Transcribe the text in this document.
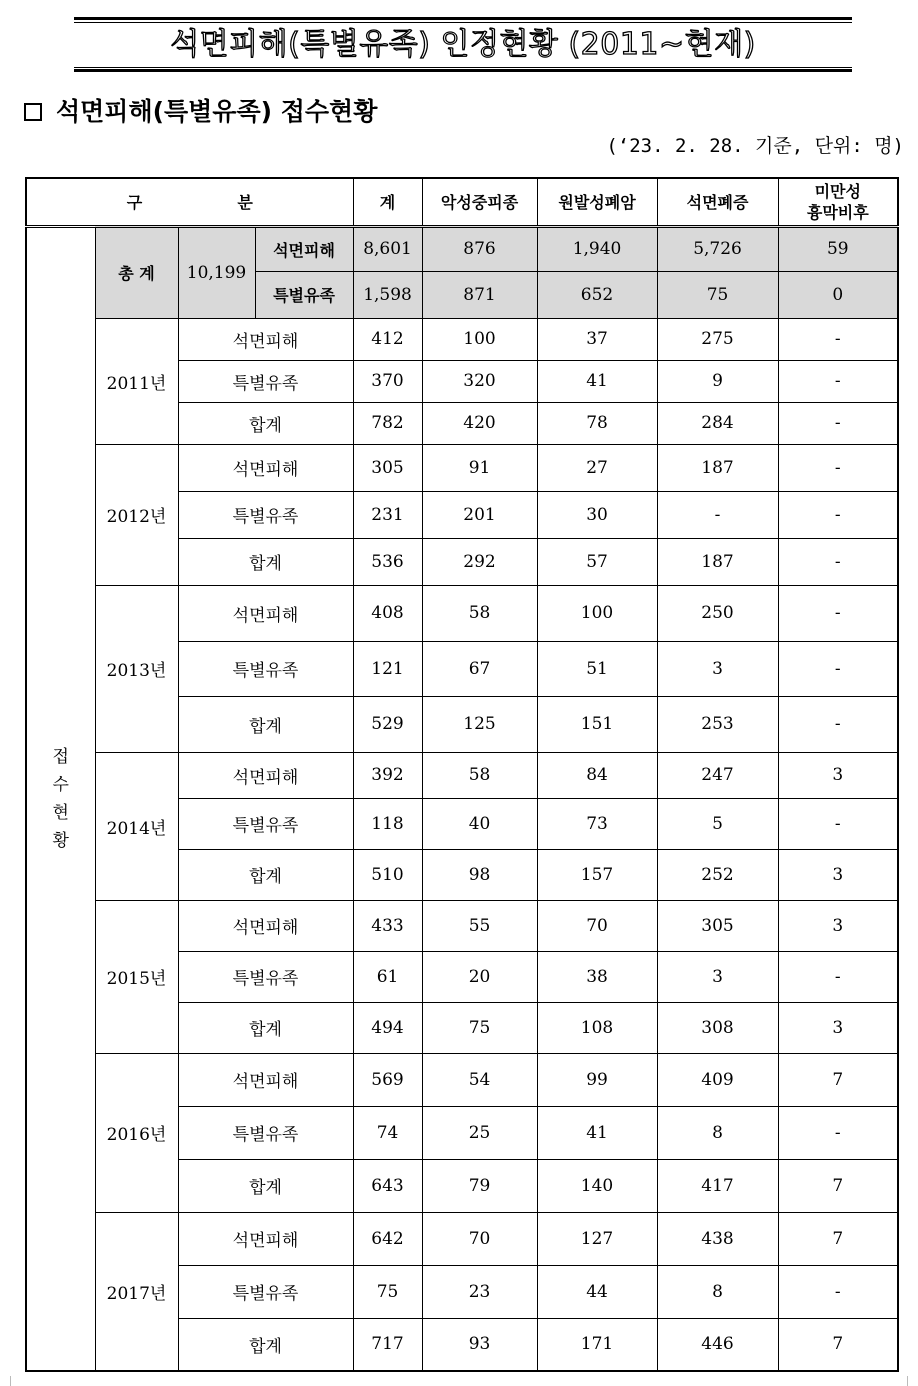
석면피해(특별유족) 인정현황 (2011~현재)
석면피해(특별유족) 접수현황
(‘23. 2. 28. 기준, 단위: 명)
구 분				계	악성중피종	원발성폐암	석면폐증	미만성
흉막비후
접
수
현
황	총 계	10,199	석면피해	8,601	876	1,940	5,726	59
			특별유족	1,598	871	652	75	0
	2011년	석면피해		412	100	37	275	-
		특별유족		370	320	41	9	-
		합계		782	420	78	284	-
	2012년	석면피해		305	91	27	187	-
		특별유족		231	201	30	-	-
		합계		536	292	57	187	-
	2013년	석면피해		408	58	100	250	-
		특별유족		121	67	51	3	-
		합계		529	125	151	253	-
	2014년	석면피해		392	58	84	247	3
		특별유족		118	40	73	5	-
		합계		510	98	157	252	3
	2015년	석면피해		433	55	70	305	3
		특별유족		61	20	38	3	-
		합계		494	75	108	308	3
	2016년	석면피해		569	54	99	409	7
		특별유족		74	25	41	8	-
		합계		643	79	140	417	7
	2017년	석면피해		642	70	127	438	7
		특별유족		75	23	44	8	-
		합계		717	93	171	446	7
